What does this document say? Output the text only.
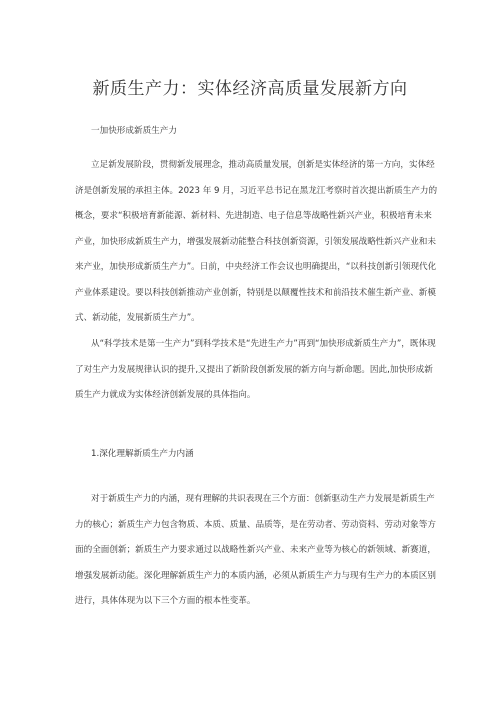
新质生产力：实体经济高质量发展新方向

一加快形成新质生产力

立足新发展阶段，贯彻新发展理念，推动高质量发展，创新是实体经济的第一方向，实体经
济是创新发展的承担主体。2023 年 9 月，习近平总书记在黑龙江考察时首次提出新质生产力的
概念，要求“积极培育新能源、新材料、先进制造、电子信息等战略性新兴产业，积极培育未来
产业，加快形成新质生产力，增强发展新动能整合科技创新资源，引领发展战略性新兴产业和未
来产业，加快形成新质生产力”。日前，中央经济工作会议也明确提出，“以科技创新引领现代化
产业体系建设。要以科技创新推动产业创新，特别是以颠覆性技术和前沿技术催生新产业、新模
式、新动能，发展新质生产力”。
从“科学技术是第一生产力”到科学技术是“先进生产力”再到“加快形成新质生产力”，既体现
了对生产力发展规律认识的提升,又提出了新阶段创新发展的新方向与新命题。因此,加快形成新
质生产力就成为实体经济创新发展的具体指向。

1.深化理解新质生产力内涵

对于新质生产力的内涵，现有理解的共识表现在三个方面：创新驱动生产力发展是新质生产
力的核心；新质生产力包含物质、本质、质量、品质等，是在劳动者、劳动资料、劳动对象等方
面的全面创新；新质生产力要求通过以战略性新兴产业、未来产业等为核心的新领域、新赛道，
增强发展新动能。深化理解新质生产力的本质内涵，必须从新质生产力与现有生产力的本质区别
进行，具体体现为以下三个方面的根本性变革。
